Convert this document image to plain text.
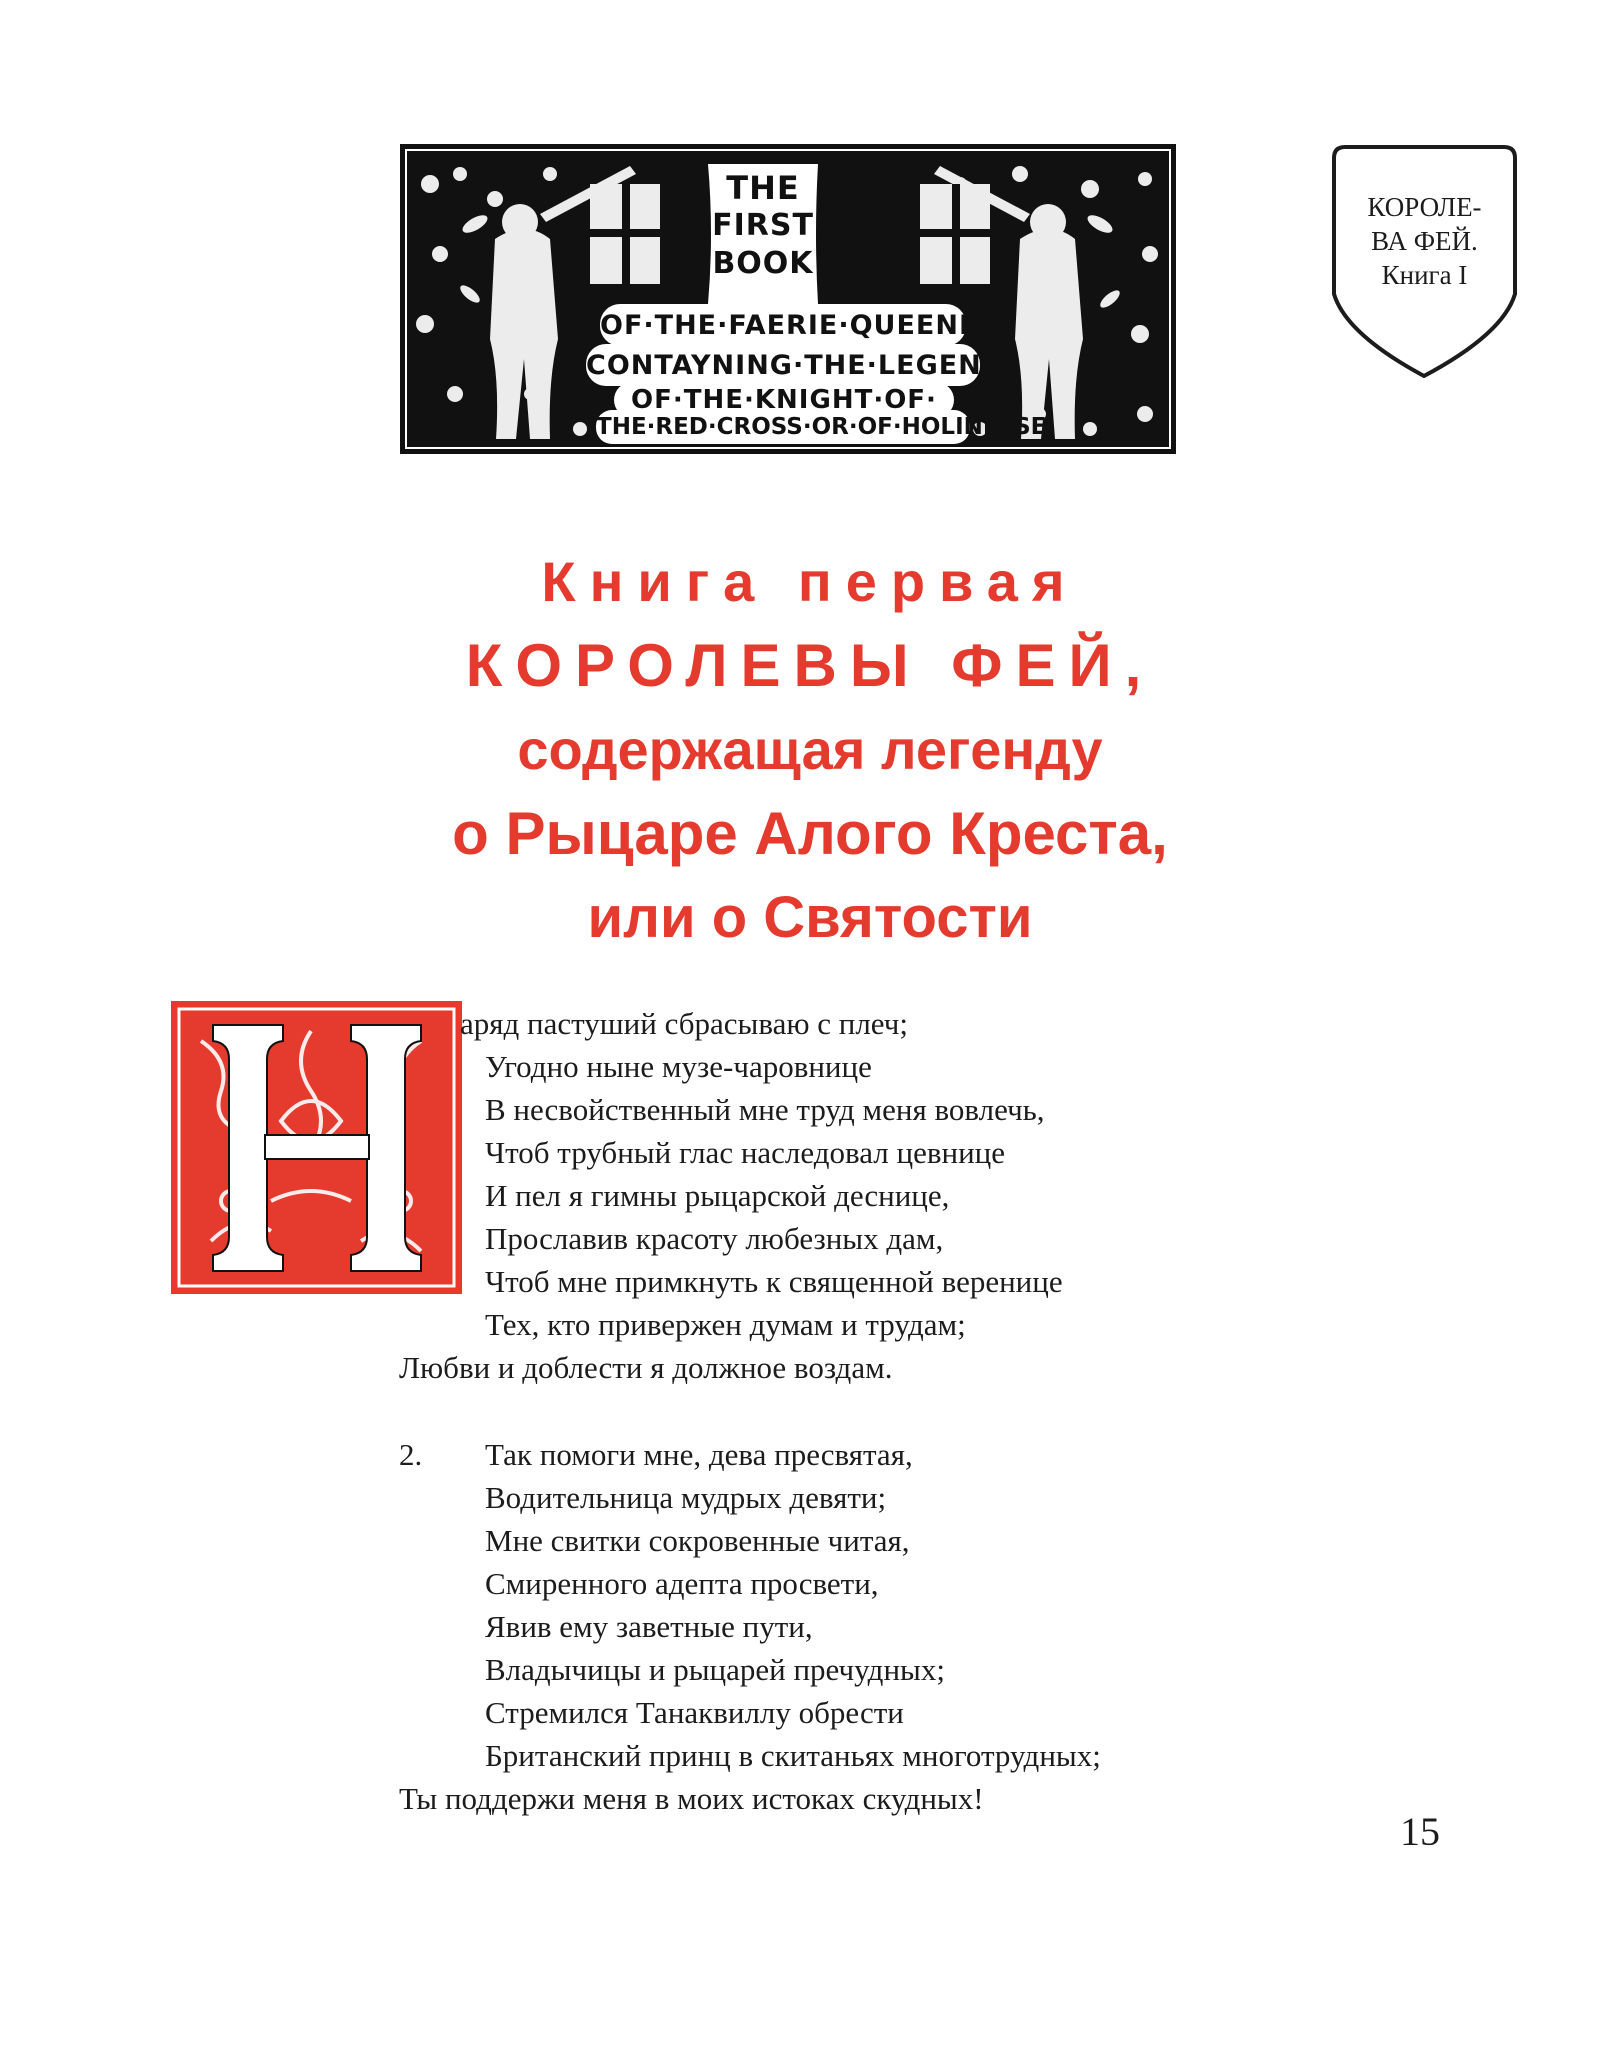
THE
FIRST
BOOK
OF·THE·FAERIE·QUEENE
CONTAYNING·THE·LEGEND
OF·THE·KNIGHT·OF·
THE·RED·CROSS·OR·OF·HOLINESSE
КОРОЛЕ-
ВА ФЕЙ.
Книга I
Книга первая
КОРОЛЕВЫ ФЕЙ,
содержащая легенду
о Рыцаре Алого Креста,
или о Святости
аряд пастуший сбрасываю с плеч;
Угодно ныне музе-чаровнице
В несвойственный мне труд меня вовлечь,
Чтоб трубный глас наследовал цевнице
И пел я гимны рыцарской деснице,
Прославив красоту любезных дам,
Чтоб мне примкнуть к священной веренице
Тех, кто привержен думам и трудам;
Любви и доблести я должное воздам.
2. Так помоги мне, дева пресвятая,
Водительница мудрых девяти;
Мне свитки сокровенные читая,
Смиренного адепта просвети,
Явив ему заветные пути,
Владычицы и рыцарей пречудных;
Стремился Танаквиллу обрести
Британский принц в скитаньях многотрудных;
Ты поддержи меня в моих истоках скудных!
15
